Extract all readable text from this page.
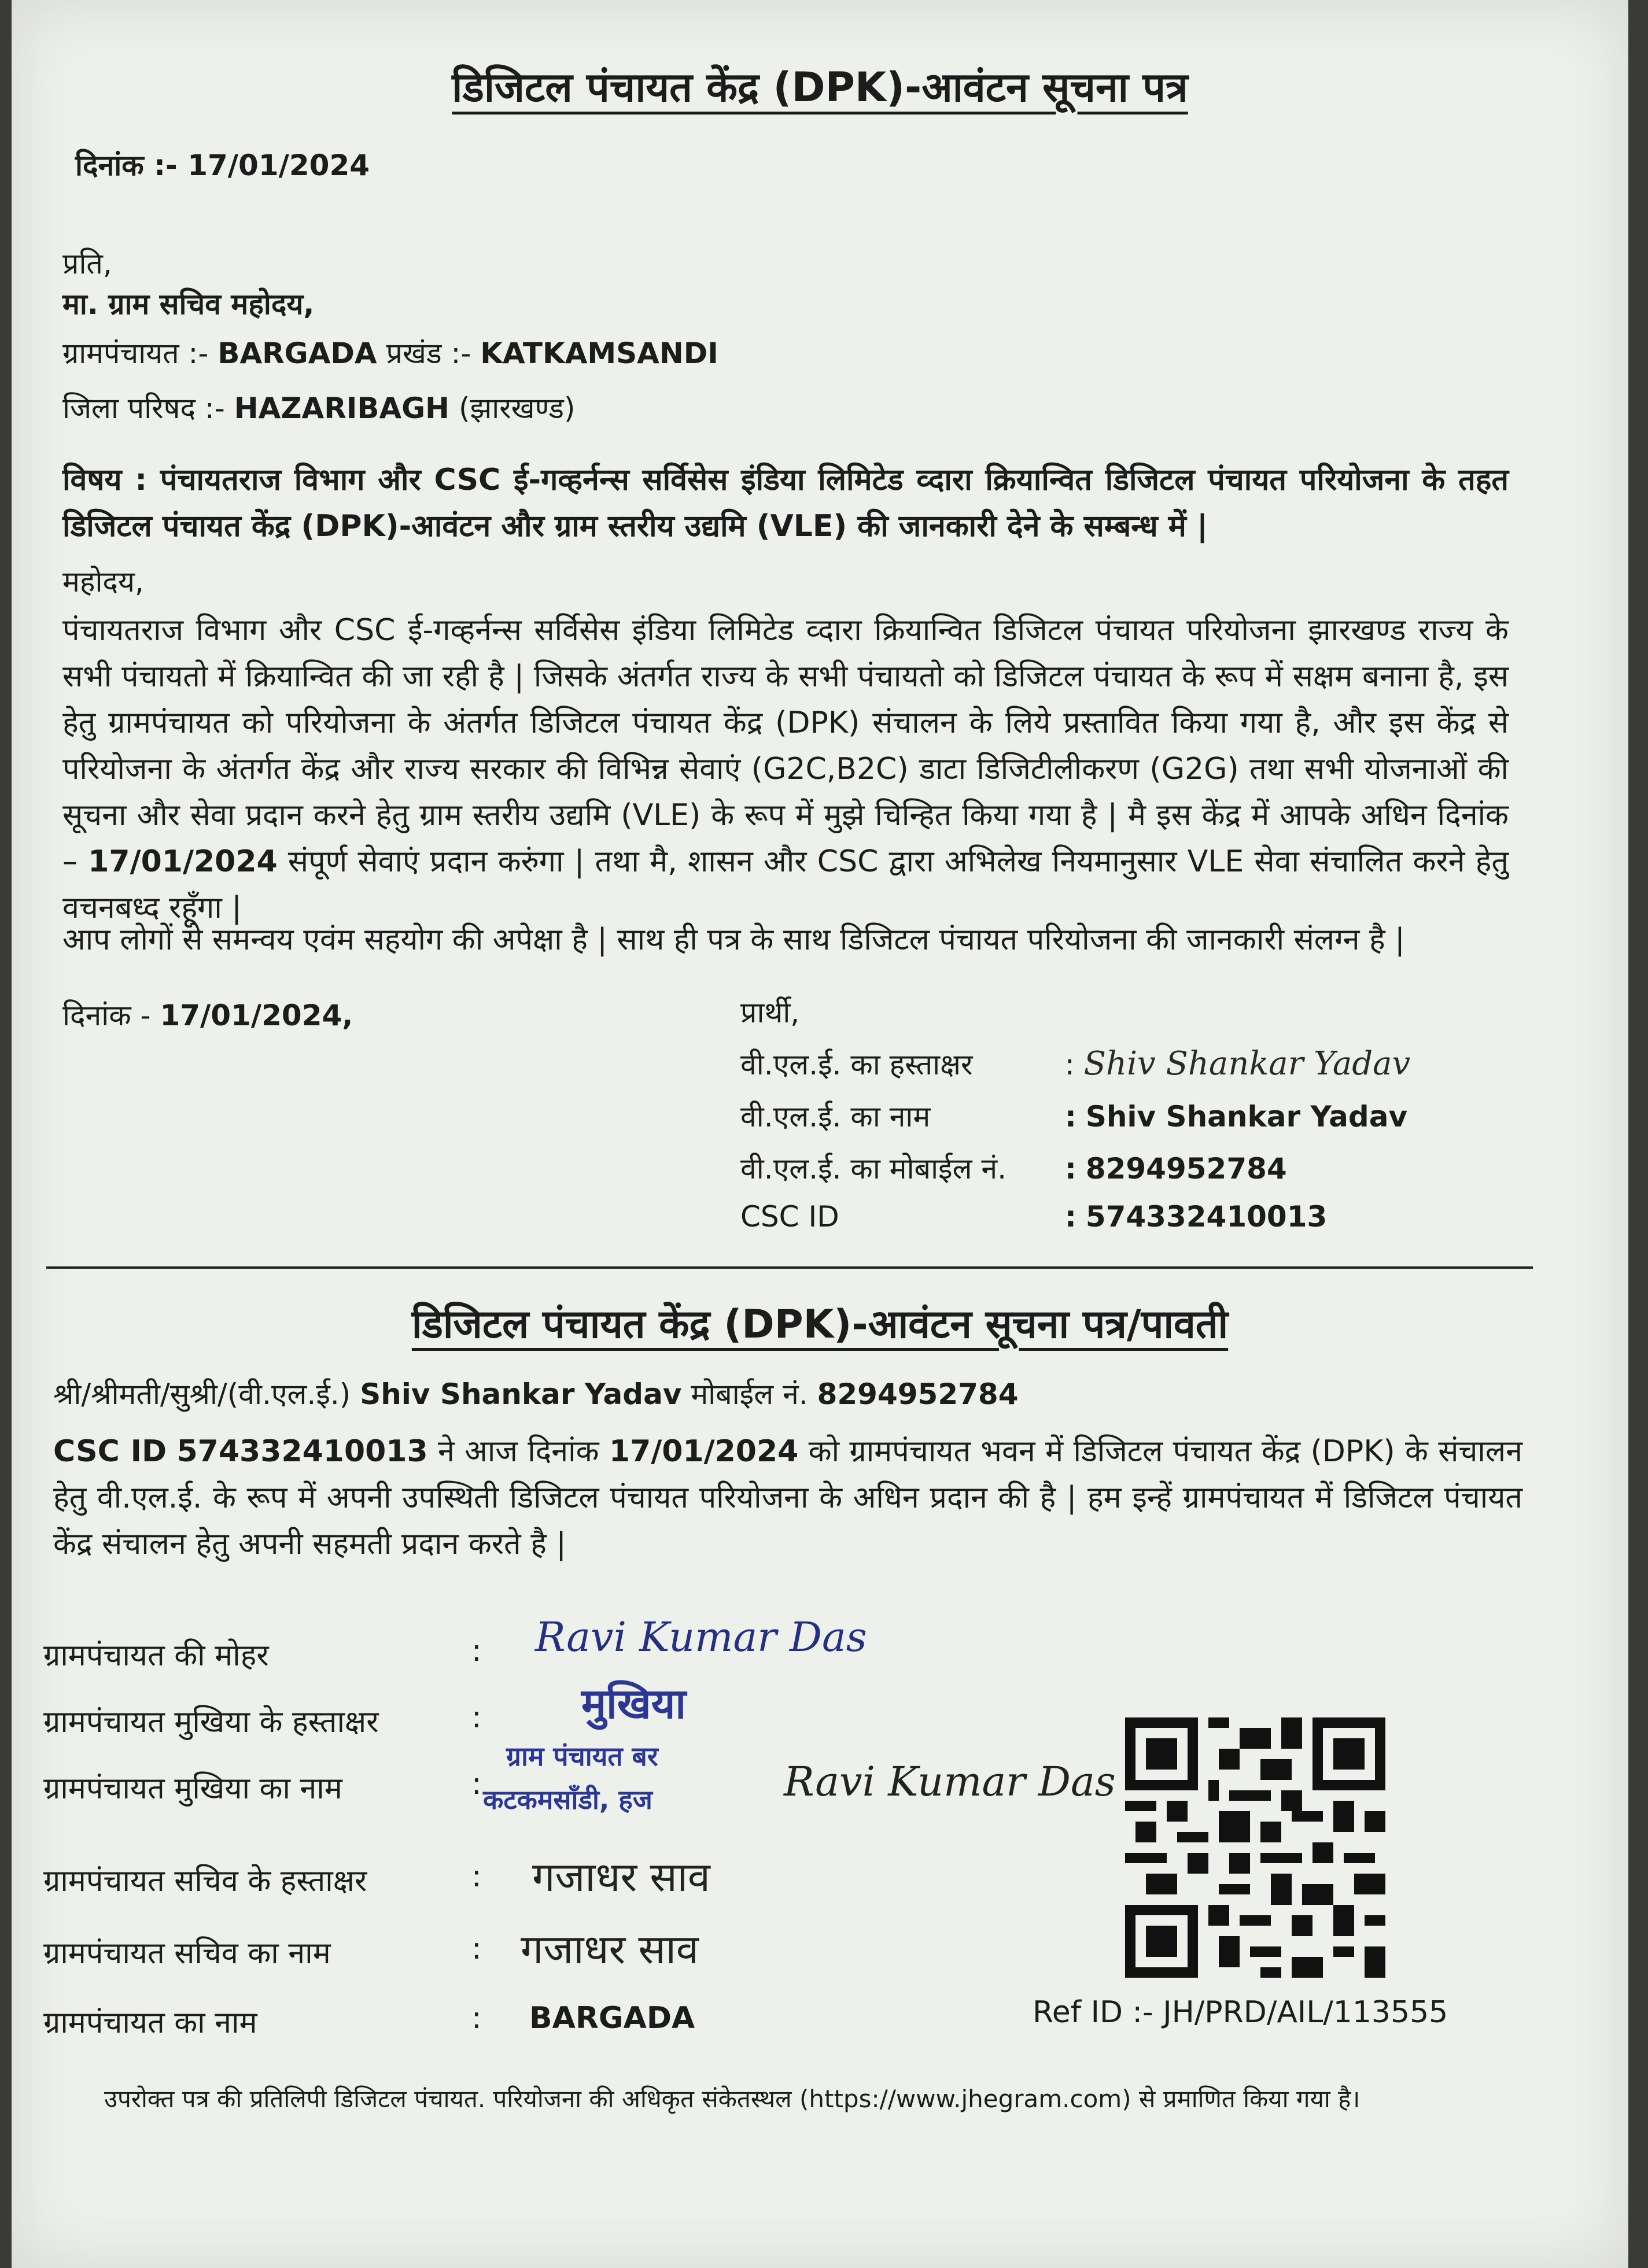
डिजिटल पंचायत केंद्र (DPK)-आवंटन सूचना पत्र
दिनांक :- 17/01/2024
प्रति,
मा. ग्राम सचिव महोदय,
ग्रामपंचायत :- BARGADA प्रखंड :- KATKAMSANDI
जिला परिषद :- HAZARIBAGH (झारखण्ड)
विषय : पंचायतराज विभाग और CSC ई-गव्हर्नन्स सर्विसेस इंडिया लिमिटेड व्दारा क्रियान्वित डिजिटल पंचायत परियोजना के तहत डिजिटल पंचायत केंद्र (DPK)-आवंटन और ग्राम स्तरीय उद्यमि (VLE) की जानकारी देने के सम्बन्ध में |
महोदय,
पंचायतराज विभाग और CSC ई-गव्हर्नन्स सर्विसेस इंडिया लिमिटेड व्दारा क्रियान्वित डिजिटल पंचायत परियोजना झारखण्ड राज्य के सभी पंचायतो में क्रियान्वित की जा रही है | जिसके अंतर्गत राज्य के सभी पंचायतो को डिजिटल पंचायत के रूप में सक्षम बनाना है, इस हेतु ग्रामपंचायत को परियोजना के अंतर्गत डिजिटल पंचायत केंद्र (DPK) संचालन के लिये प्रस्तावित किया गया है, और इस केंद्र से परियोजना के अंतर्गत केंद्र और राज्य सरकार की विभिन्न सेवाएं (G2C,B2C) डाटा डिजिटीलीकरण (G2G) तथा सभी योजनाओं की सूचना और सेवा प्रदान करने हेतु ग्राम स्तरीय उद्यमि (VLE) के रूप में मुझे चिन्हित किया गया है | मै इस केंद्र में आपके अधिन दिनांक – 17/01/2024 संपूर्ण सेवाएं प्रदान करुंगा | तथा मै, शासन और CSC द्वारा अभिलेख नियमानुसार VLE सेवा संचालित करने हेतु वचनबध्द रहूँगा |
आप लोगों से समन्वय एवंम सहयोग की अपेक्षा है | साथ ही पत्र के साथ डिजिटल पंचायत परियोजना की जानकारी संलग्न है |
दिनांक - 17/01/2024,	प्रार्थी,
वी.एल.ई. का हस्ताक्षर	: Shiv Shankar Yadav
वी.एल.ई. का नाम	: Shiv Shankar Yadav
वी.एल.ई. का मोबाईल नं. : 8294952784
CSC ID	: 574332410013
डिजिटल पंचायत केंद्र (DPK)-आवंटन सूचना पत्र/पावती
श्री/श्रीमती/सुश्री/(वी.एल.ई.) Shiv Shankar Yadav मोबाईल नं. 8294952784
CSC ID 574332410013 ने आज दिनांक 17/01/2024 को ग्रामपंचायत भवन में डिजिटल पंचायत केंद्र (DPK) के संचालन हेतु वी.एल.ई. के रूप में अपनी उपस्थिती डिजिटल पंचायत परियोजना के अधिन प्रदान की है | हम इन्हें ग्रामपंचायत में डिजिटल पंचायत केंद्र संचालन हेतु अपनी सहमती प्रदान करते है |
ग्रामपंचायत की मोहर	: Ravi Kumar Das
ग्रामपंचायत मुखिया के हस्ताक्षर	: मुखिया
ग्रामपंचायत मुखिया का नाम	:
ग्राम पंचायत बर
कटकमसाँडी, हज	Ravi Kumar Das
ग्रामपंचायत सचिव के हस्ताक्षर	: गजाधर साव
ग्रामपंचायत सचिव का नाम	: गजाधर साव
ग्रामपंचायत का नाम	: BARGADA	Ref ID :- JH/PRD/AIL/113555
उपरोक्त पत्र की प्रतिलिपी डिजिटल पंचायत. परियोजना की अधिकृत संकेतस्थल (https://www.jhegram.com) से प्रमाणित किया गया है।
